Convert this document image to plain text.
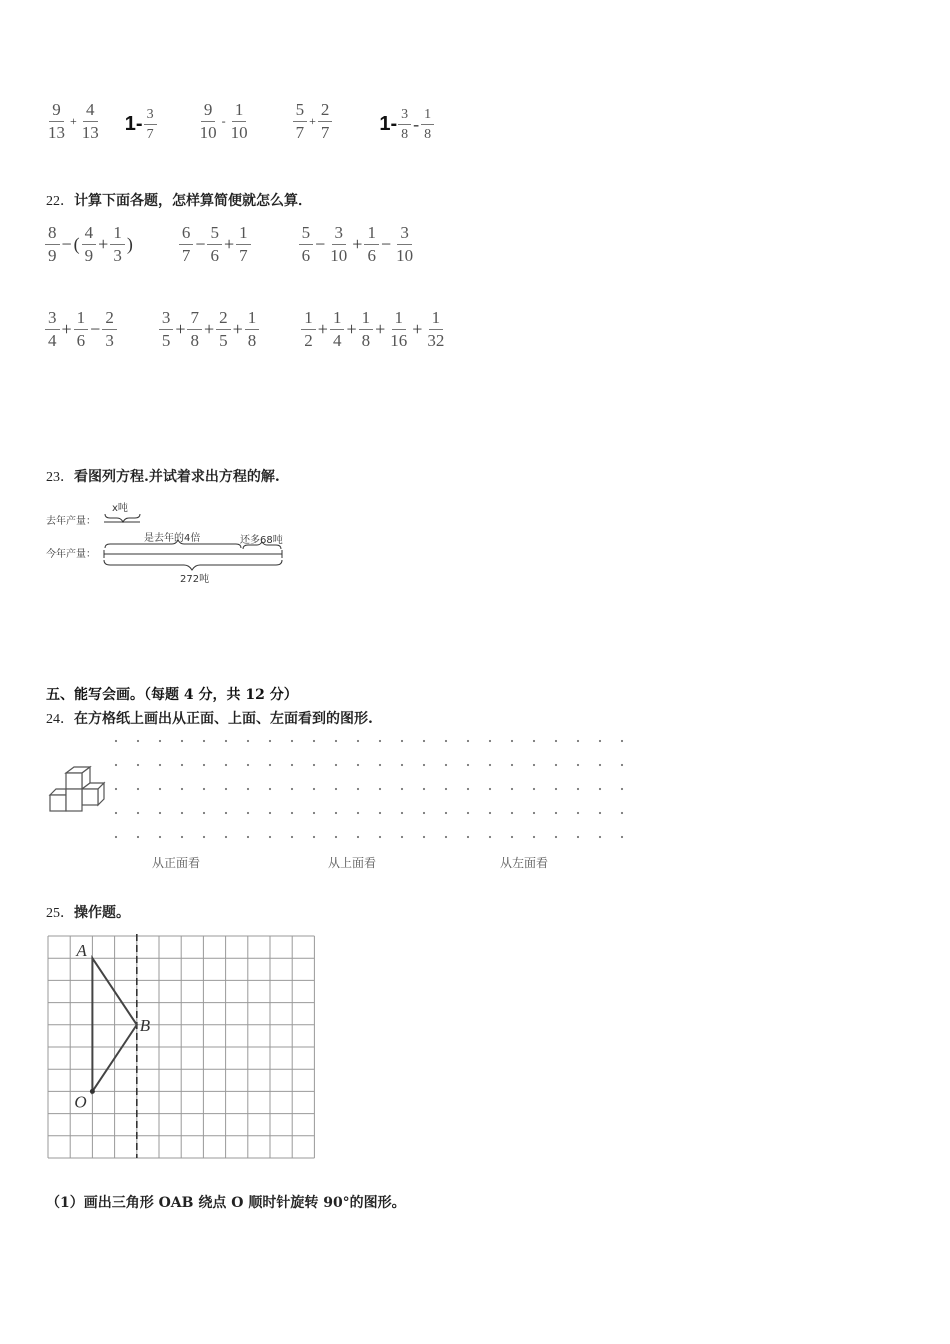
$\frac{9}{13} + \frac{4}{13} 1- \frac{3}{7} \frac{9}{10} - \frac{1}{10} \frac{5}{7} + \frac{2}{7} 1- \frac{3}{8} - \frac{1}{8}$
22．计算下面各题，怎样算简便就怎么算．
$\frac{8}{9}$ − ( $\frac{4}{9} + \frac{1}{3}$ )	$\frac{6}{7} - \frac{5}{6} + \frac{1}{7}$	$\frac{5}{6} - \frac{3}{10} + \frac{1}{6} - \frac{3}{10}$
$\frac{3}{4} + \frac{1}{6} - \frac{2}{3} \frac{3}{5} + \frac{7}{8} + \frac{2}{5} + \frac{1}{8} \frac{1}{2} + \frac{1}{4} + \frac{1}{8} + \frac{1}{16} + \frac{1}{32}$
23．看图列方程.并试着求出方程的解.
去年产量：
x吨
今年产量：
是去年的4倍	还多68吨
272吨
五、能写会画。（每题 4 分，共 12 分）
24．在方格纸上画出从正面、上面、左面看到的图形.
从正面看	从上面看	从左面看
25．操作题。
A
B
O
（1）画出三角形 OAB 绕点 O 顺时针旋转 90°的图形。
